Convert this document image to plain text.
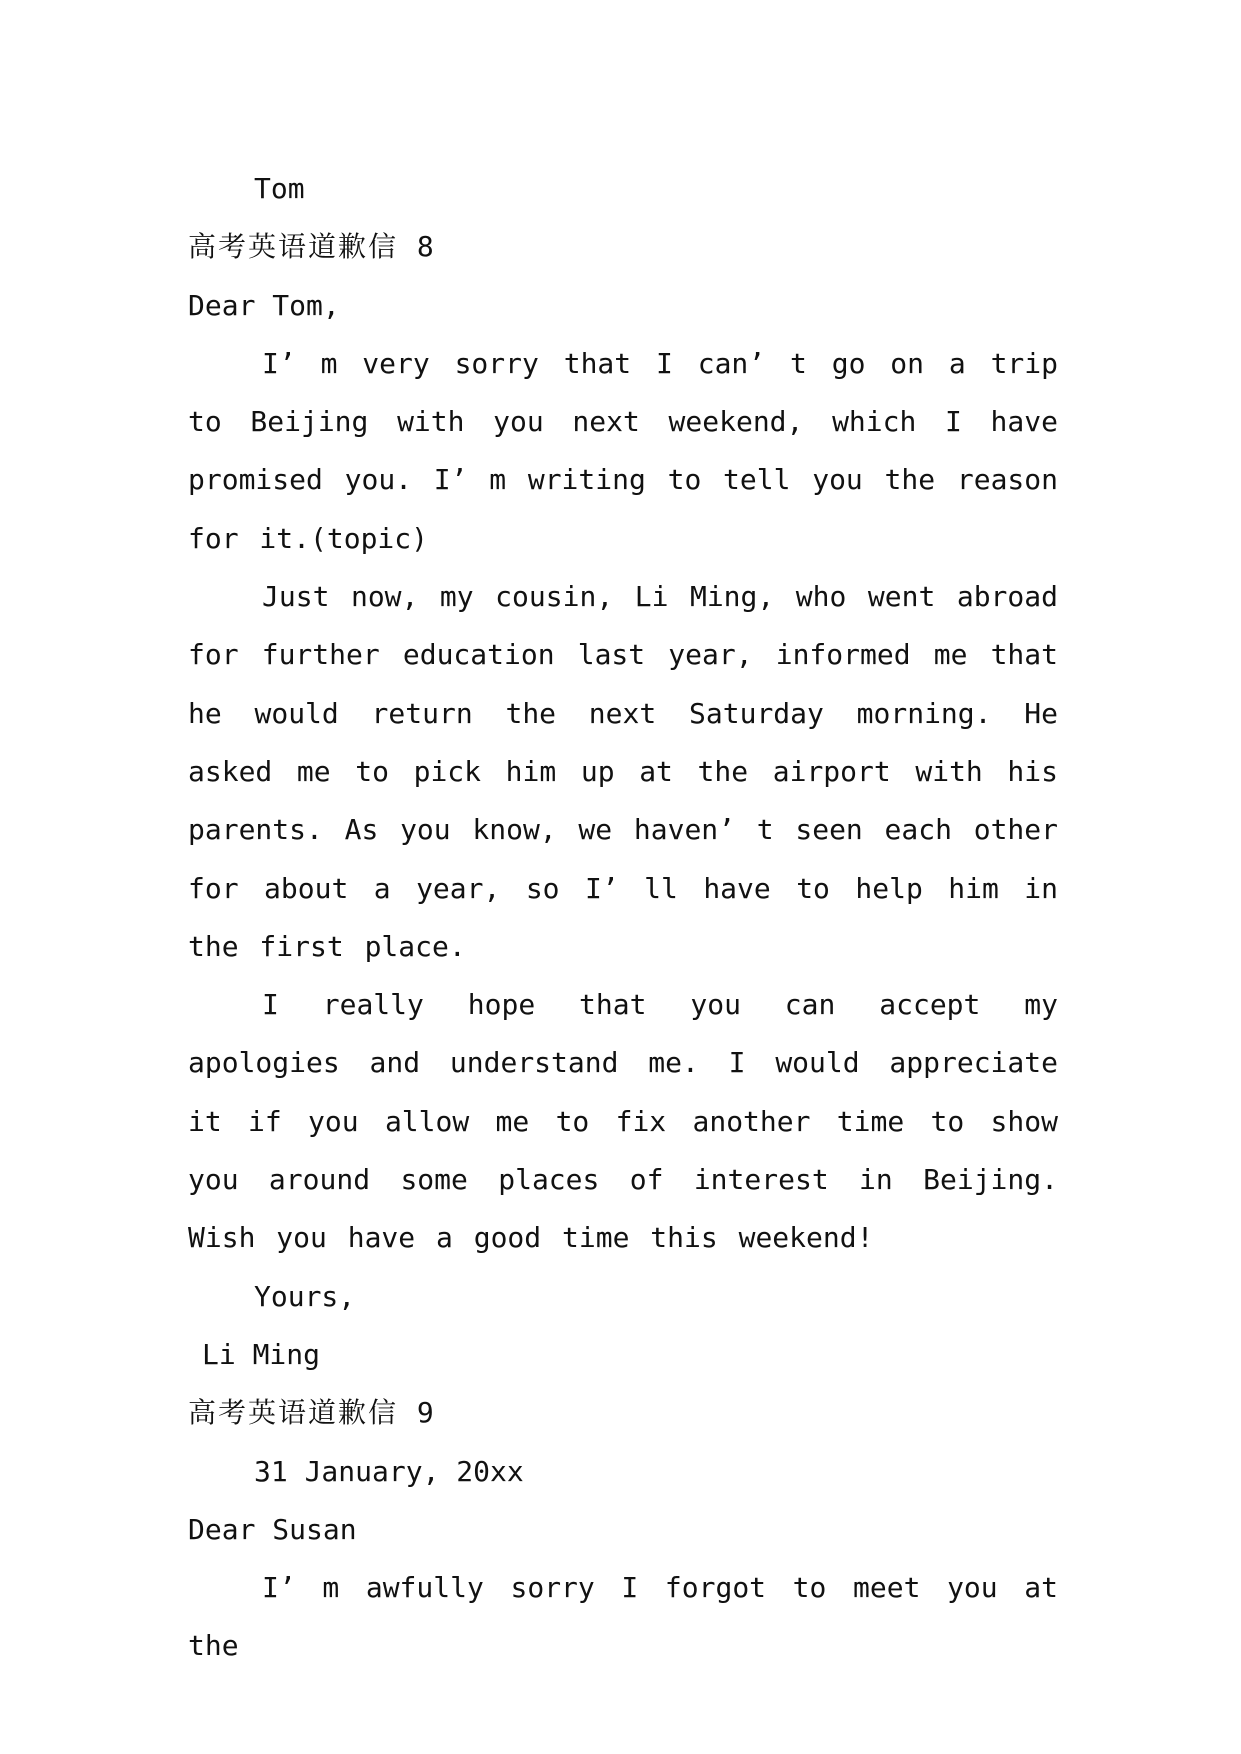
Tom

高考英语道歉信 8

Dear Tom,

I’ m very sorry that I can’ t go on a trip to Beijing with you next weekend, which I have promised you. I’ m writing to tell you the reason for it.(topic)

Just now, my cousin, Li Ming, who went abroad for further education last year, informed me that he would return the next Saturday morning. He asked me to pick him up at the airport with his parents. As you know, we haven’ t seen each other for about a year, so I’ ll have to help him in the first place.

I really hope that you can accept my apologies and understand me. I would appreciate it if you allow me to fix another time to show you around some places of interest in Beijing. Wish you have a good time this weekend!

Yours,

Li Ming

高考英语道歉信 9

31 January, 20xx

Dear Susan

I’ m awfully sorry I forgot to meet you at the
